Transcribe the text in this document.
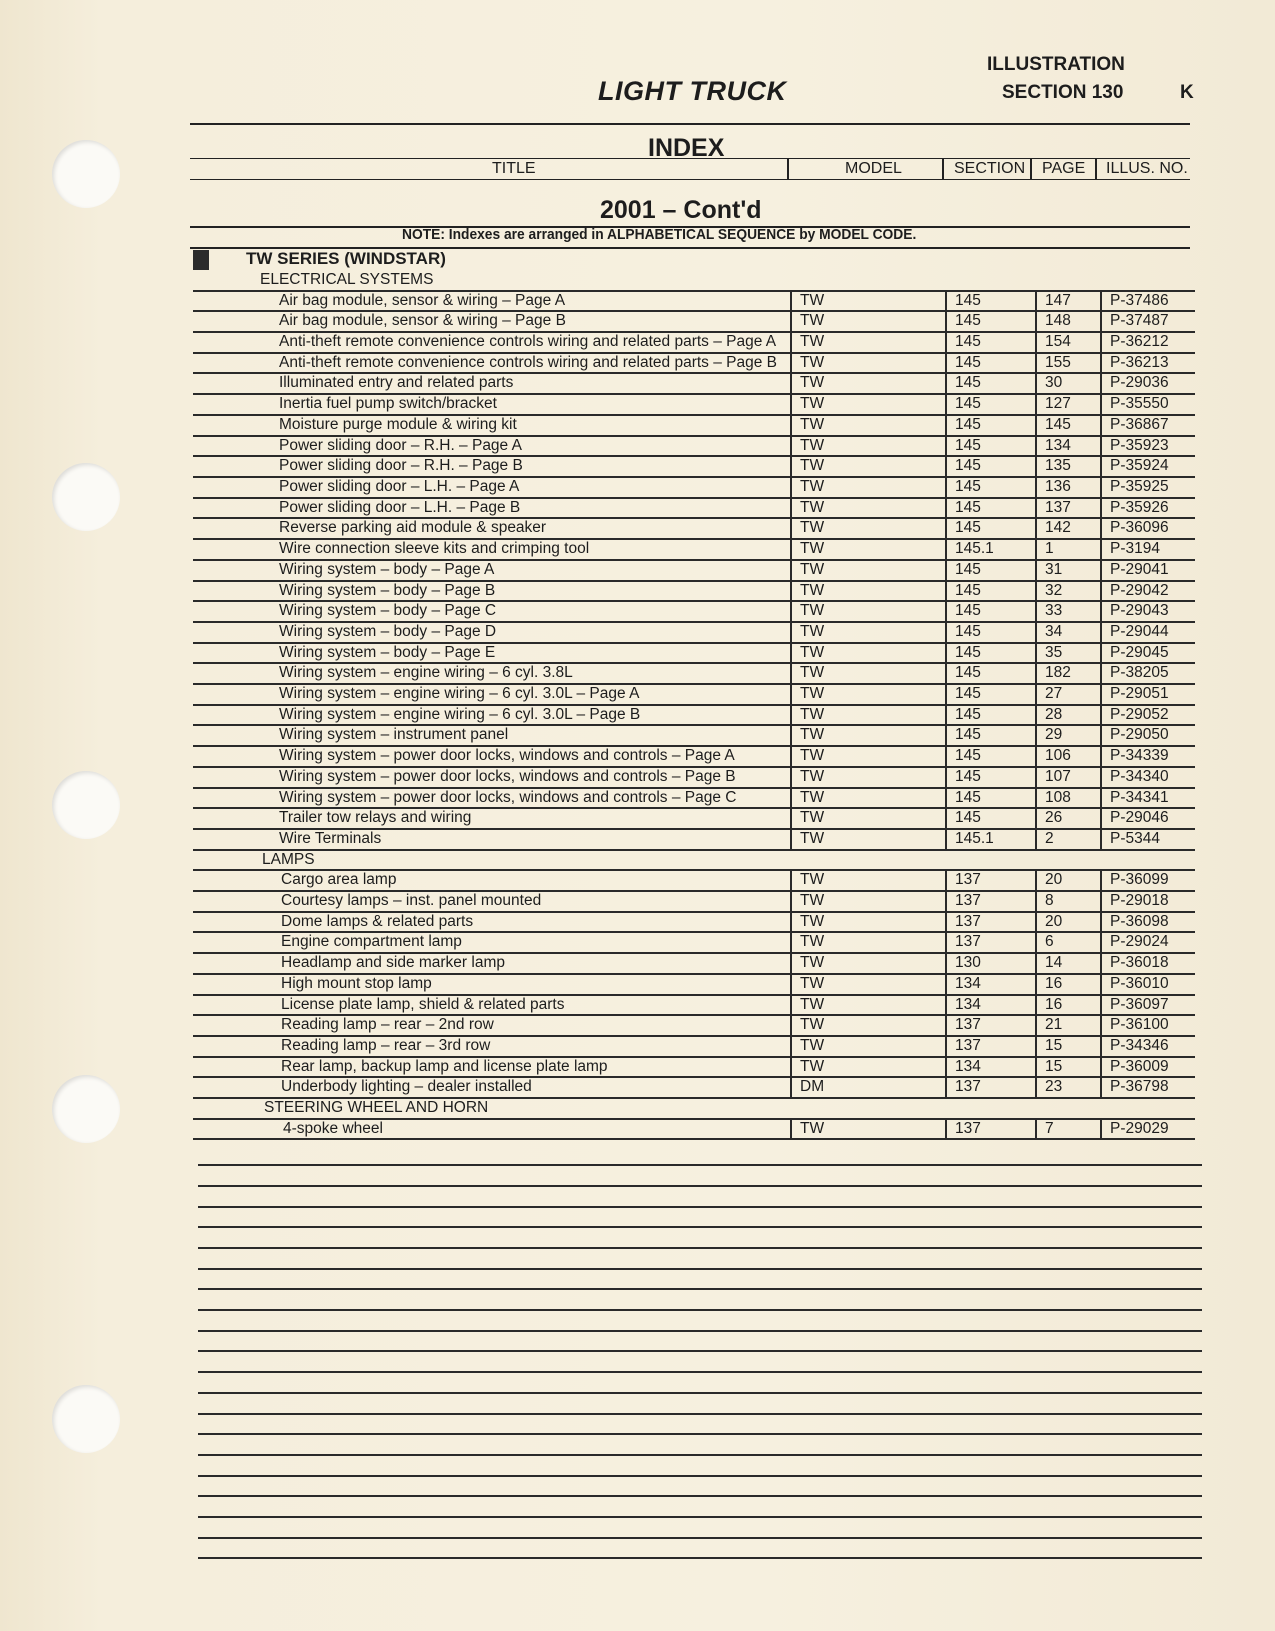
LIGHT TRUCK
ILLUSTRATION
SECTION 130	K
INDEX
TITLE	MODEL	SECTION PAGE ILLUS. NO.
2001 – Cont'd
NOTE: Indexes are arranged in ALPHABETICAL SEQUENCE by MODEL CODE.
TW SERIES (WINDSTAR)
ELECTRICAL SYSTEMS
Air bag module, sensor & wiring – Page A	TW	145	147	P-37486
Air bag module, sensor & wiring – Page B	TW	145	148	P-37487
Anti-theft remote convenience controls wiring and related parts – Page A TW	145	154	P-36212
Anti-theft remote convenience controls wiring and related parts – Page B TW	145	155	P-36213
Illuminated entry and related parts	TW	145	30	P-29036
Inertia fuel pump switch/bracket	TW	145	127	P-35550
Moisture purge module & wiring kit	TW	145	145	P-36867
Power sliding door – R.H. – Page A	TW	145	134	P-35923
Power sliding door – R.H. – Page B	TW	145	135	P-35924
Power sliding door – L.H. – Page A	TW	145	136	P-35925
Power sliding door – L.H. – Page B	TW	145	137	P-35926
Reverse parking aid module & speaker	TW	145	142	P-36096
Wire connection sleeve kits and crimping tool	TW	145.1	1	P-3194
Wiring system – body – Page A	TW	145	31	P-29041
Wiring system – body – Page B	TW	145	32	P-29042
Wiring system – body – Page C	TW	145	33	P-29043
Wiring system – body – Page D	TW	145	34	P-29044
Wiring system – body – Page E	TW	145	35	P-29045
Wiring system – engine wiring – 6 cyl. 3.8L	TW	145	182	P-38205
Wiring system – engine wiring – 6 cyl. 3.0L – Page A	TW	145	27	P-29051
Wiring system – engine wiring – 6 cyl. 3.0L – Page B	TW	145	28	P-29052
Wiring system – instrument panel	TW	145	29	P-29050
Wiring system – power door locks, windows and controls – Page A	TW	145	106	P-34339
Wiring system – power door locks, windows and controls – Page B	TW	145	107	P-34340
Wiring system – power door locks, windows and controls – Page C	TW	145	108	P-34341
Trailer tow relays and wiring	TW	145	26	P-29046
Wire Terminals	TW	145.1	2	P-5344
LAMPS
Cargo area lamp	TW	137	20	P-36099
Courtesy lamps – inst. panel mounted	TW	137	8	P-29018
Dome lamps & related parts	TW	137	20	P-36098
Engine compartment lamp	TW	137	6	P-29024
Headlamp and side marker lamp	TW	130	14	P-36018
High mount stop lamp	TW	134	16	P-36010
License plate lamp, shield & related parts	TW	134	16	P-36097
Reading lamp – rear – 2nd row	TW	137	21	P-36100
Reading lamp – rear – 3rd row	TW	137	15	P-34346
Rear lamp, backup lamp and license plate lamp	TW	134	15	P-36009
Underbody lighting – dealer installed	DM	137	23	P-36798
STEERING WHEEL AND HORN
4-spoke wheel	TW	137	7	P-29029
